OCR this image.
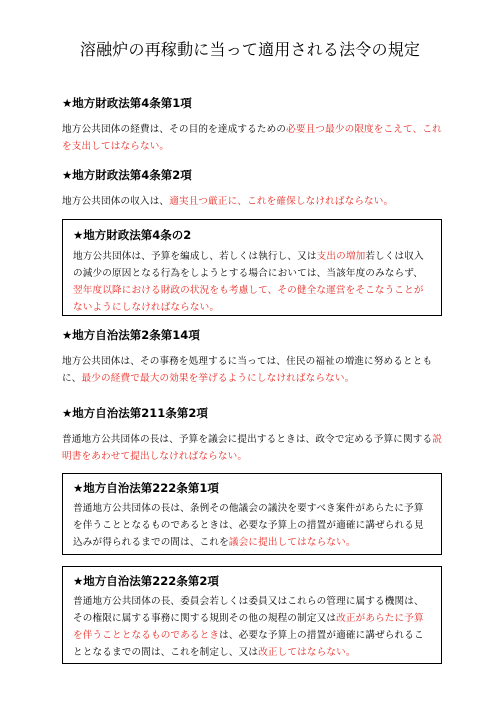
溶融炉の再稼動に当って適用される法令の規定
★地方財政法第4条第1項
地方公共団体の経費は、その目的を達成するための必要且つ最少の限度をこえて、これを支出してはならない。
★地方財政法第4条第2項
地方公共団体の収入は、適実且つ厳正に、これを確保しなければならない。
★地方財政法第4条の2
地方公共団体は、予算を編成し、若しくは執行し、又は支出の増加若しくは収入の減少の原因となる行為をしようとする場合においては、当該年度のみならず、翌年度以降における財政の状況をも考慮して、その健全な運営をそこなうことがないようにしなければならない。
★地方自治法第2条第14項
地方公共団体は、その事務を処理するに当っては、住民の福祉の増進に努めるとともに、最少の経費で最大の効果を挙げるようにしなければならない。
★地方自治法第211条第2項
普通地方公共団体の長は、予算を議会に提出するときは、政令で定める予算に関する説明書をあわせて提出しなければならない。
★地方自治法第222条第1項
普通地方公共団体の長は、条例その他議会の議決を要すべき案件があらたに予算を伴うこととなるものであるときは、必要な予算上の措置が適確に講ぜられる見込みが得られるまでの間は、これを議会に提出してはならない。
★地方自治法第222条第2項
普通地方公共団体の長、委員会若しくは委員又はこれらの管理に属する機関は、その権限に属する事務に関する規則その他の規程の制定又は改正があらたに予算を伴うこととなるものであるときは、必要な予算上の措置が適確に講ぜられることとなるまでの間は、これを制定し、又は改正してはならない。
